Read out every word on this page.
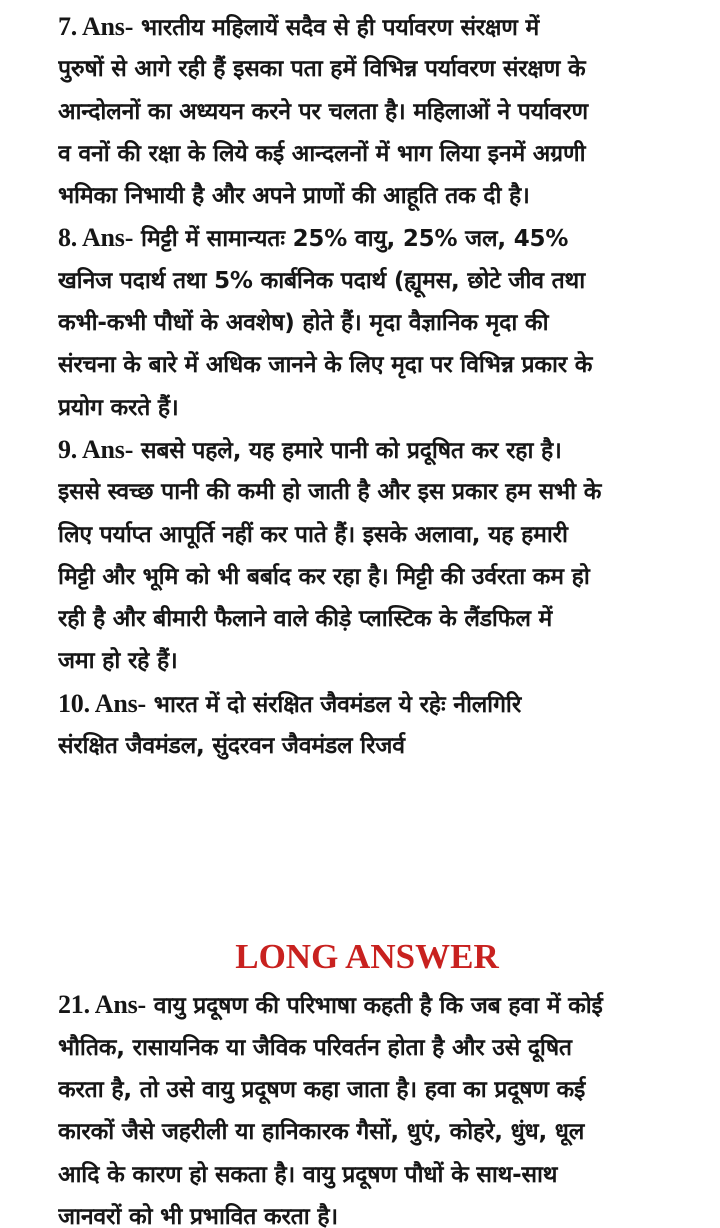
7. Ans- भारतीय महिलायें सदैव से ही पर्यावरण संरक्षण में
पुरुषों से आगे रही हैं इसका पता हमें विभिन्न पर्यावरण संरक्षण के
आन्दोलनों का अध्ययन करने पर चलता है। महिलाओं ने पर्यावरण
व वनों की रक्षा के लिये कई आन्दलनों में भाग लिया इनमें अग्रणी
भमिका निभायी है और अपने प्राणों की आहूति तक दी है।
8. Ans- मिट्टी में सामान्यतः 25% वायु, 25% जल, 45%
खनिज पदार्थ तथा 5% कार्बनिक पदार्थ (ह्यूमस, छोटे जीव तथा
कभी-कभी पौधों के अवशेष) होते हैं। मृदा वैज्ञानिक मृदा की
संरचना के बारे में अधिक जानने के लिए मृदा पर विभिन्न प्रकार के
प्रयोग करते हैं।
9. Ans- सबसे पहले, यह हमारे पानी को प्रदूषित कर रहा है।
इससे स्वच्छ पानी की कमी हो जाती है और इस प्रकार हम सभी के
लिए पर्याप्त आपूर्ति नहीं कर पाते हैं। इसके अलावा, यह हमारी
मिट्टी और भूमि को भी बर्बाद कर रहा है। मिट्टी की उर्वरता कम हो
रही है और बीमारी फैलाने वाले कीड़े प्लास्टिक के लैंडफिल में
जमा हो रहे हैं।
10. Ans- भारत में दो संरक्षित जैवमंडल ये रहेः नीलगिरि
संरक्षित जैवमंडल, सुंदरवन जैवमंडल रिजर्व
LONG ANSWER
21. Ans- वायु प्रदूषण की परिभाषा कहती है कि जब हवा में कोई
भौतिक, रासायनिक या जैविक परिवर्तन होता है और उसे दूषित
करता है, तो उसे वायु प्रदूषण कहा जाता है। हवा का प्रदूषण कई
कारकों जैसे जहरीली या हानिकारक गैसों, धुएं, कोहरे, धुंध, धूल
आदि के कारण हो सकता है। वायु प्रदूषण पौधों के साथ-साथ
जानवरों को भी प्रभावित करता है।
